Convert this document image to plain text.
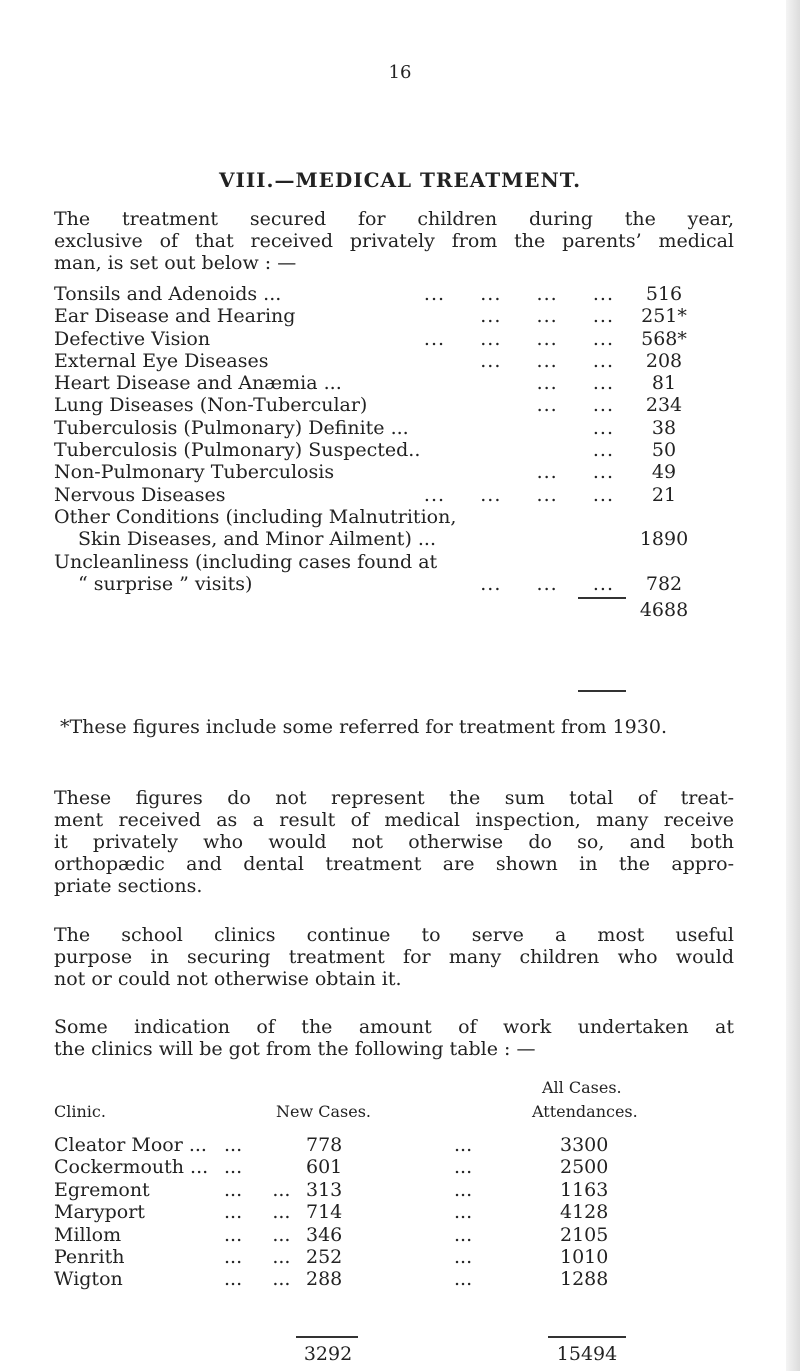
16
VIII.—MEDICAL TREATMENT.
The treatment secured for children during the year,
exclusive of that received privately from the parents’ medical
man, is set out below : —
Tonsils and Adenoids ...	...     ...     ...     ...	516
Ear Disease and Hearing	...     ...     ...	251*
Defective Vision	...     ...     ...     ...	568*
External Eye Diseases	...     ...     ...	208
Heart Disease and Anæmia ...	...     ...	81
Lung Diseases (Non-Tubercular)	...     ...	234
Tuberculosis (Pulmonary) Definite ...	...	38
Tuberculosis (Pulmonary) Suspected..	...	50
Non-Pulmonary Tuberculosis	...     ...	49
Nervous Diseases	...     ...     ...     ...	21
Other Conditions (including Malnutrition,
Skin Diseases, and Minor Ailment) ...	1890
Uncleanliness (including cases found at
“ surprise ” visits)	...     ...     ...	782
4688
*These figures include some referred for treatment from 1930.
These figures do not represent the sum total of treat-
ment received as a result of medical inspection, many receive
it privately who would not otherwise do so, and both
orthopædic and dental treatment are shown in the appro-
priate sections.
The school clinics continue to serve a most useful
purpose in securing treatment for many children who would
not or could not otherwise obtain it.
Some indication of the amount of work undertaken at
the clinics will be got from the following table : —
All Cases.
Clinic.	New Cases.	Attendances.
Cleator Moor ... ...	778	...	3300
Cockermouth ... ...	601	...	2500
Egremont	...     ... 313	...	1163
Maryport	...     ... 714	...	4128
Millom	...     ... 346	...	2105
Penrith	...     ... 252	...	1010
Wigton	...     ... 288	...	1288
3292	15494
